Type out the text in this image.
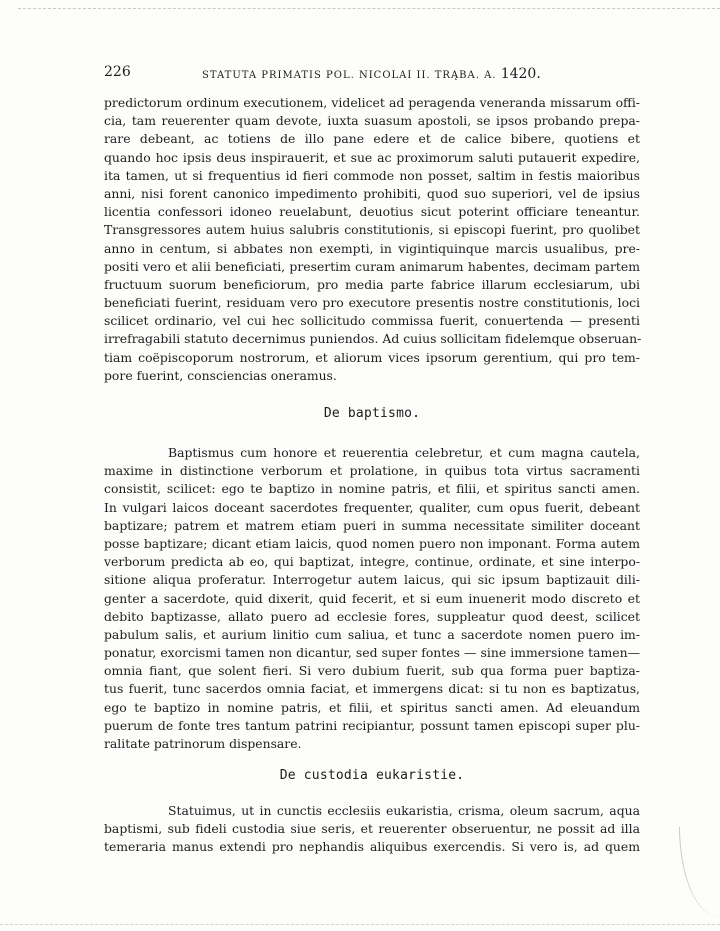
226	STATUTA PRIMATIS POL. NICOLAI II. TRĄBA. A. 1420.
predictorum ordinum executionem, videlicet ad peragenda veneranda missarum offi-
cia, tam reuerenter quam devote, iuxta suasum apostoli, se ipsos probando prepa-
rare debeant, ac totiens de illo pane edere et de calice bibere, quotiens et
quando hoc ipsis deus inspirauerit, et sue ac proximorum saluti putauerit expedire,
ita tamen, ut si frequentius id fieri commode non posset, saltim in festis maioribus
anni, nisi forent canonico impedimento prohibiti, quod suo superiori, vel de ipsius
licentia confessori idoneo reuelabunt, deuotius sicut poterint officiare teneantur.
Transgressores autem huius salubris constitutionis, si episcopi fuerint, pro quolibet
anno in centum, si abbates non exempti, in vigintiquinque marcis usualibus, pre-
positi vero et alii beneficiati, presertim curam animarum habentes, decimam partem
fructuum suorum beneficiorum, pro media parte fabrice illarum ecclesiarum, ubi
beneficiati fuerint, residuam vero pro executore presentis nostre constitutionis, loci
scilicet ordinario, vel cui hec sollicitudo commissa fuerit, conuertenda — presenti
irrefragabili statuto decernimus puniendos. Ad cuius sollicitam fidelemque obseruan-
tiam coëpiscoporum nostrorum, et aliorum vices ipsorum gerentium, qui pro tem-
pore fuerint, consciencias oneramus.
De baptismo.
Baptismus cum honore et reuerentia celebretur, et cum magna cautela,
maxime in distinctione verborum et prolatione, in quibus tota virtus sacramenti
consistit, scilicet: ego te baptizo in nomine patris, et filii, et spiritus sancti amen.
In vulgari laicos doceant sacerdotes frequenter, qualiter, cum opus fuerit, debeant
baptizare; patrem et matrem etiam pueri in summa necessitate similiter doceant
posse baptizare; dicant etiam laicis, quod nomen puero non imponant. Forma autem
verborum predicta ab eo, qui baptizat, integre, continue, ordinate, et sine interpo-
sitione aliqua proferatur. Interrogetur autem laicus, qui sic ipsum baptizauit dili-
genter a sacerdote, quid dixerit, quid fecerit, et si eum inuenerit modo discreto et
debito baptizasse, allato puero ad ecclesie fores, suppleatur quod deest, scilicet
pabulum salis, et aurium linitio cum saliua, et tunc a sacerdote nomen puero im-
ponatur, exorcismi tamen non dicantur, sed super fontes — sine immersione tamen—
omnia fiant, que solent fieri. Si vero dubium fuerit, sub qua forma puer baptiza-
tus fuerit, tunc sacerdos omnia faciat, et immergens dicat: si tu non es baptizatus,
ego te baptizo in nomine patris, et filii, et spiritus sancti amen. Ad eleuandum
puerum de fonte tres tantum patrini recipiantur, possunt tamen episcopi super plu-
ralitate patrinorum dispensare.
De custodia eukaristie.
Statuimus, ut in cunctis ecclesiis eukaristia, crisma, oleum sacrum, aqua
baptismi, sub fideli custodia siue seris, et reuerenter obseruentur, ne possit ad illa
temeraria manus extendi pro nephandis aliquibus exercendis. Si vero is, ad quem
